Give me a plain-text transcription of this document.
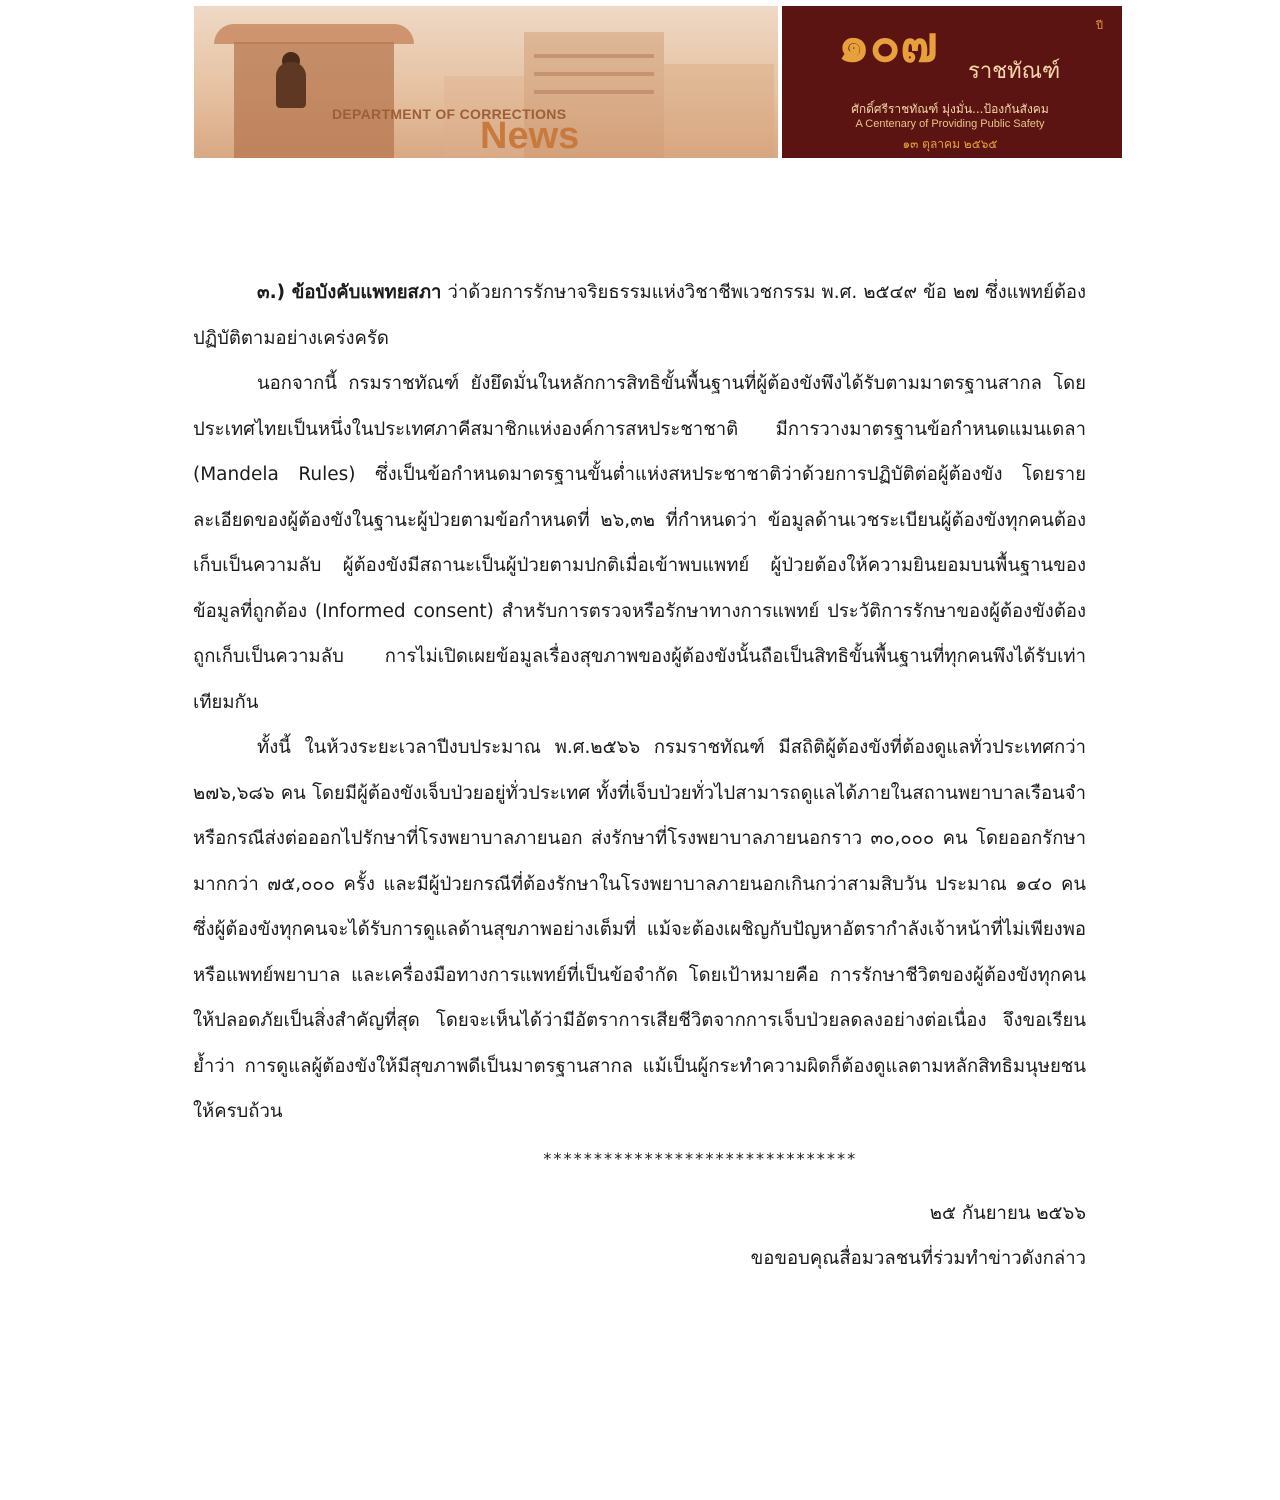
DEPARTMENT OF CORRECTIONS
News
๑๐๗	ปี
ราชทัณฑ์
ศักดิ์ศรีราชทัณฑ์ มุ่งมั่น...ป้องกันสังคม
A Centenary of Providing Public Safety
๑๓ ตุลาคม ๒๕๖๕

๓.) ข้อบังคับแพทยสภา ว่าด้วยการรักษาจริยธรรมแห่งวิชาชีพเวชกรรม พ.ศ. ๒๕๔๙ ข้อ ๒๗ ซึ่งแพทย์ต้องปฏิบัติตามอย่างเคร่งครัด

นอกจากนี้ กรมราชทัณฑ์ ยังยึดมั่นในหลักการสิทธิขั้นพื้นฐานที่ผู้ต้องขังพึงได้รับตามมาตรฐานสากล โดยประเทศไทยเป็นหนึ่งในประเทศภาคีสมาชิกแห่งองค์การสหประชาชาติ มีการวางมาตรฐานข้อกำหนดแมนเดลา (Mandela Rules) ซึ่งเป็นข้อกำหนดมาตรฐานขั้นต่ำแห่งสหประชาชาติว่าด้วยการปฏิบัติต่อผู้ต้องขัง โดยรายละเอียดของผู้ต้องขังในฐานะผู้ป่วยตามข้อกำหนดที่ ๒๖,๓๒ ที่กำหนดว่า ข้อมูลด้านเวชระเบียนผู้ต้องขังทุกคนต้องเก็บเป็นความลับ ผู้ต้องขังมีสถานะเป็นผู้ป่วยตามปกติเมื่อเข้าพบแพทย์ ผู้ป่วยต้องให้ความยินยอมบนพื้นฐานของข้อมูลที่ถูกต้อง (Informed consent) สำหรับการตรวจหรือรักษาทางการแพทย์ ประวัติการรักษาของผู้ต้องขังต้องถูกเก็บเป็นความลับ การไม่เปิดเผยข้อมูลเรื่องสุขภาพของผู้ต้องขังนั้นถือเป็นสิทธิขั้นพื้นฐานที่ทุกคนพึงได้รับเท่าเทียมกัน

ทั้งนี้ ในห้วงระยะเวลาปีงบประมาณ พ.ศ.๒๕๖๖ กรมราชทัณฑ์ มีสถิติผู้ต้องขังที่ต้องดูแลทั่วประเทศกว่า ๒๗๖,๖๘๖ คน โดยมีผู้ต้องขังเจ็บป่วยอยู่ทั่วประเทศ ทั้งที่เจ็บป่วยทั่วไปสามารถดูแลได้ภายในสถานพยาบาลเรือนจำ หรือกรณีส่งต่อออกไปรักษาที่โรงพยาบาลภายนอก ส่งรักษาที่โรงพยาบาลภายนอกราว ๓๐,๐๐๐ คน โดยออกรักษามากกว่า ๗๕,๐๐๐ ครั้ง และมีผู้ป่วยกรณีที่ต้องรักษาในโรงพยาบาลภายนอกเกินกว่าสามสิบวัน ประมาณ ๑๔๐ คน ซึ่งผู้ต้องขังทุกคนจะได้รับการดูแลด้านสุขภาพอย่างเต็มที่ แม้จะต้องเผชิญกับปัญหาอัตรากำลังเจ้าหน้าที่ไม่เพียงพอ หรือแพทย์พยาบาล และเครื่องมือทางการแพทย์ที่เป็นข้อจำกัด โดยเป้าหมายคือ การรักษาชีวิตของผู้ต้องขังทุกคนให้ปลอดภัยเป็นสิ่งสำคัญที่สุด โดยจะเห็นได้ว่ามีอัตราการเสียชีวิตจากการเจ็บป่วยลดลงอย่างต่อเนื่อง จึงขอเรียนย้ำว่า การดูแลผู้ต้องขังให้มีสุขภาพดีเป็นมาตรฐานสากล แม้เป็นผู้กระทำความผิดก็ต้องดูแลตามหลักสิทธิมนุษยชนให้ครบถ้วน

*******************************
๒๕ กันยายน ๒๕๖๖
ขอขอบคุณสื่อมวลชนที่ร่วมทำข่าวดังกล่าว
